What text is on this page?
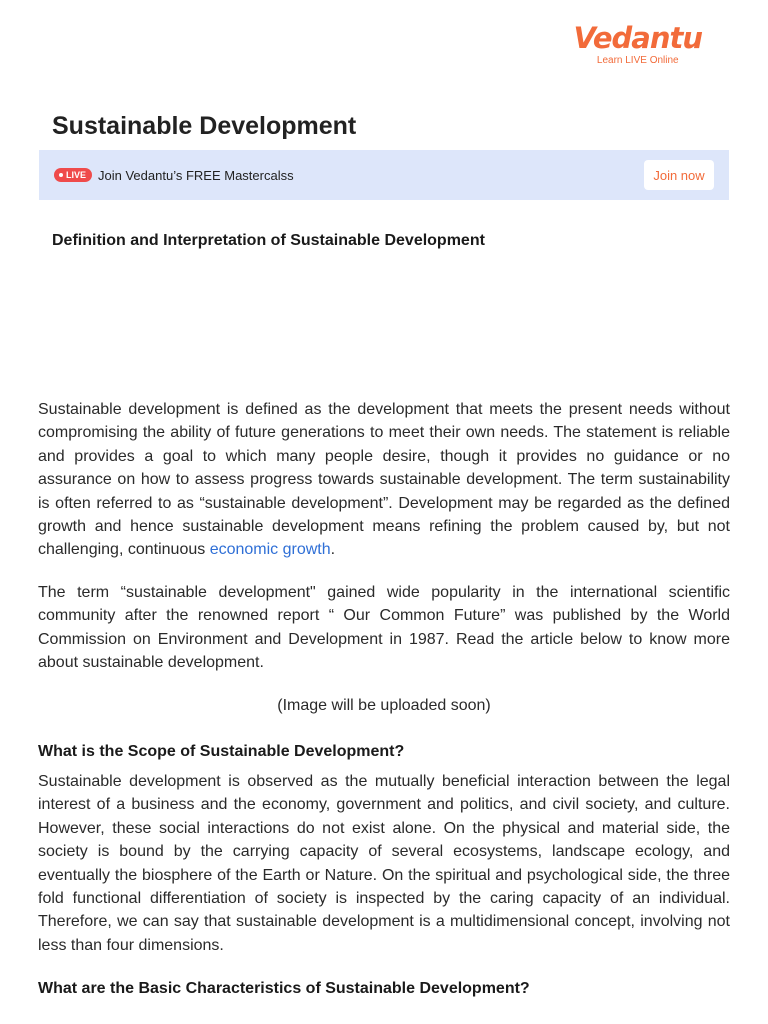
Vedantu
Learn LIVE Online
Sustainable Development
LIVE Join Vedantu’s FREE Mastercalss	Join now
Definition and Interpretation of Sustainable Development

Sustainable development is defined as the development that meets the present needs without compromising the ability of future generations to meet their own needs. The statement is reliable and provides a goal to which many people desire, though it provides no guidance or no assurance on how to assess progress towards sustainable development. The term sustainability is often referred to as “sustainable development”. Development may be regarded as the defined growth and hence sustainable development means refining the problem caused by, but not challenging, continuous economic growth.

The term “sustainable development" gained wide popularity in the international scientific community after the renowned report “ Our Common Future” was published by the World Commission on Environment and Development in 1987. Read the article below to know more about sustainable development.

(Image will be uploaded soon)
What is the Scope of Sustainable Development?

Sustainable development is observed as the mutually beneficial interaction between the legal interest of a business and the economy, government and politics, and civil society, and culture. However, these social interactions do not exist alone. On the physical and material side, the society is bound by the carrying capacity of several ecosystems, landscape ecology, and eventually the biosphere of the Earth or Nature. On the spiritual and psychological side, the three fold functional differentiation of society is inspected by the caring capacity of an individual. Therefore, we can say that sustainable development is a multidimensional concept, involving not less than four dimensions.

What are the Basic Characteristics of Sustainable Development?
